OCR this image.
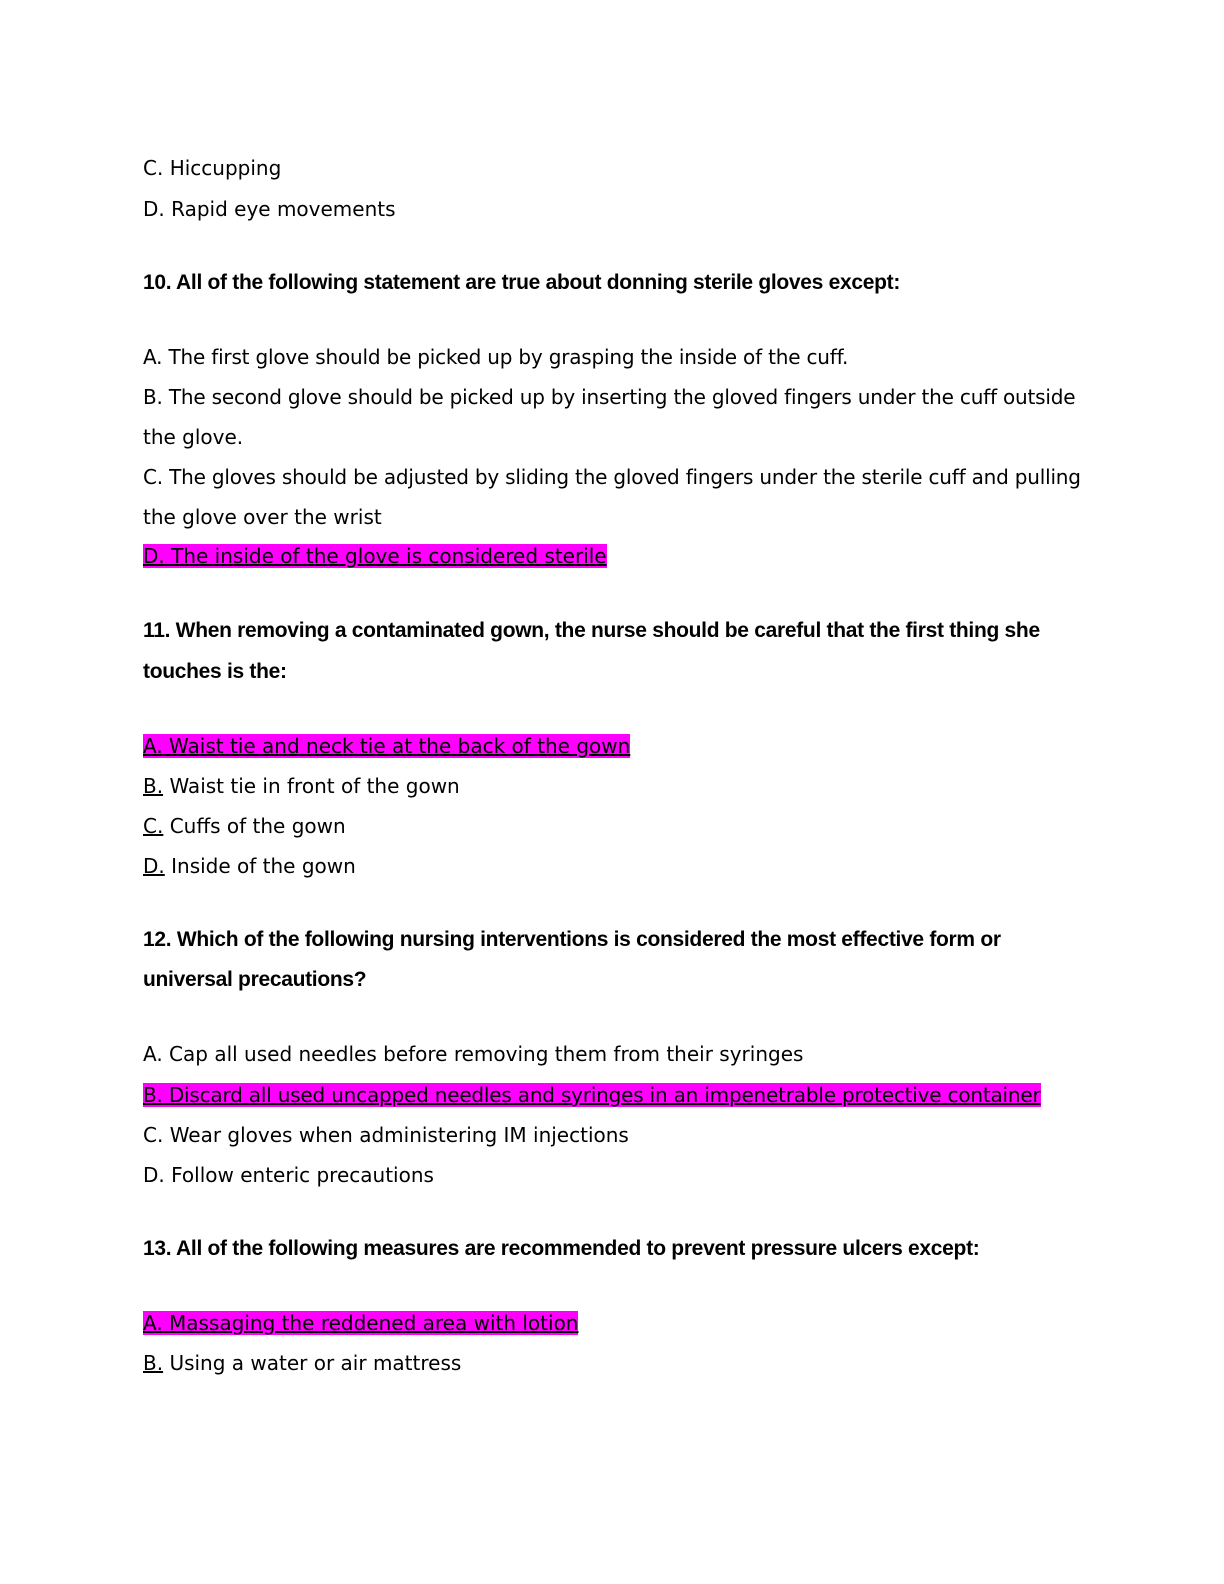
C. Hiccupping
D. Rapid eye movements
10. All of the following statement are true about donning sterile gloves except:
A. The first glove should be picked up by grasping the inside of the cuff.
B. The second glove should be picked up by inserting the gloved fingers under the cuff outside
the glove.
C. The gloves should be adjusted by sliding the gloved fingers under the sterile cuff and pulling
the glove over the wrist
D. The inside of the glove is considered sterile
11. When removing a contaminated gown, the nurse should be careful that the first thing she
touches is the:
A. Waist tie and neck tie at the back of the gown
B. Waist tie in front of the gown
C. Cuffs of the gown
D. Inside of the gown
12. Which of the following nursing interventions is considered the most effective form or
universal precautions?
A. Cap all used needles before removing them from their syringes
B. Discard all used uncapped needles and syringes in an impenetrable protective container
C. Wear gloves when administering IM injections
D. Follow enteric precautions
13. All of the following measures are recommended to prevent pressure ulcers except:
A. Massaging the reddened area with lotion
B. Using a water or air mattress
